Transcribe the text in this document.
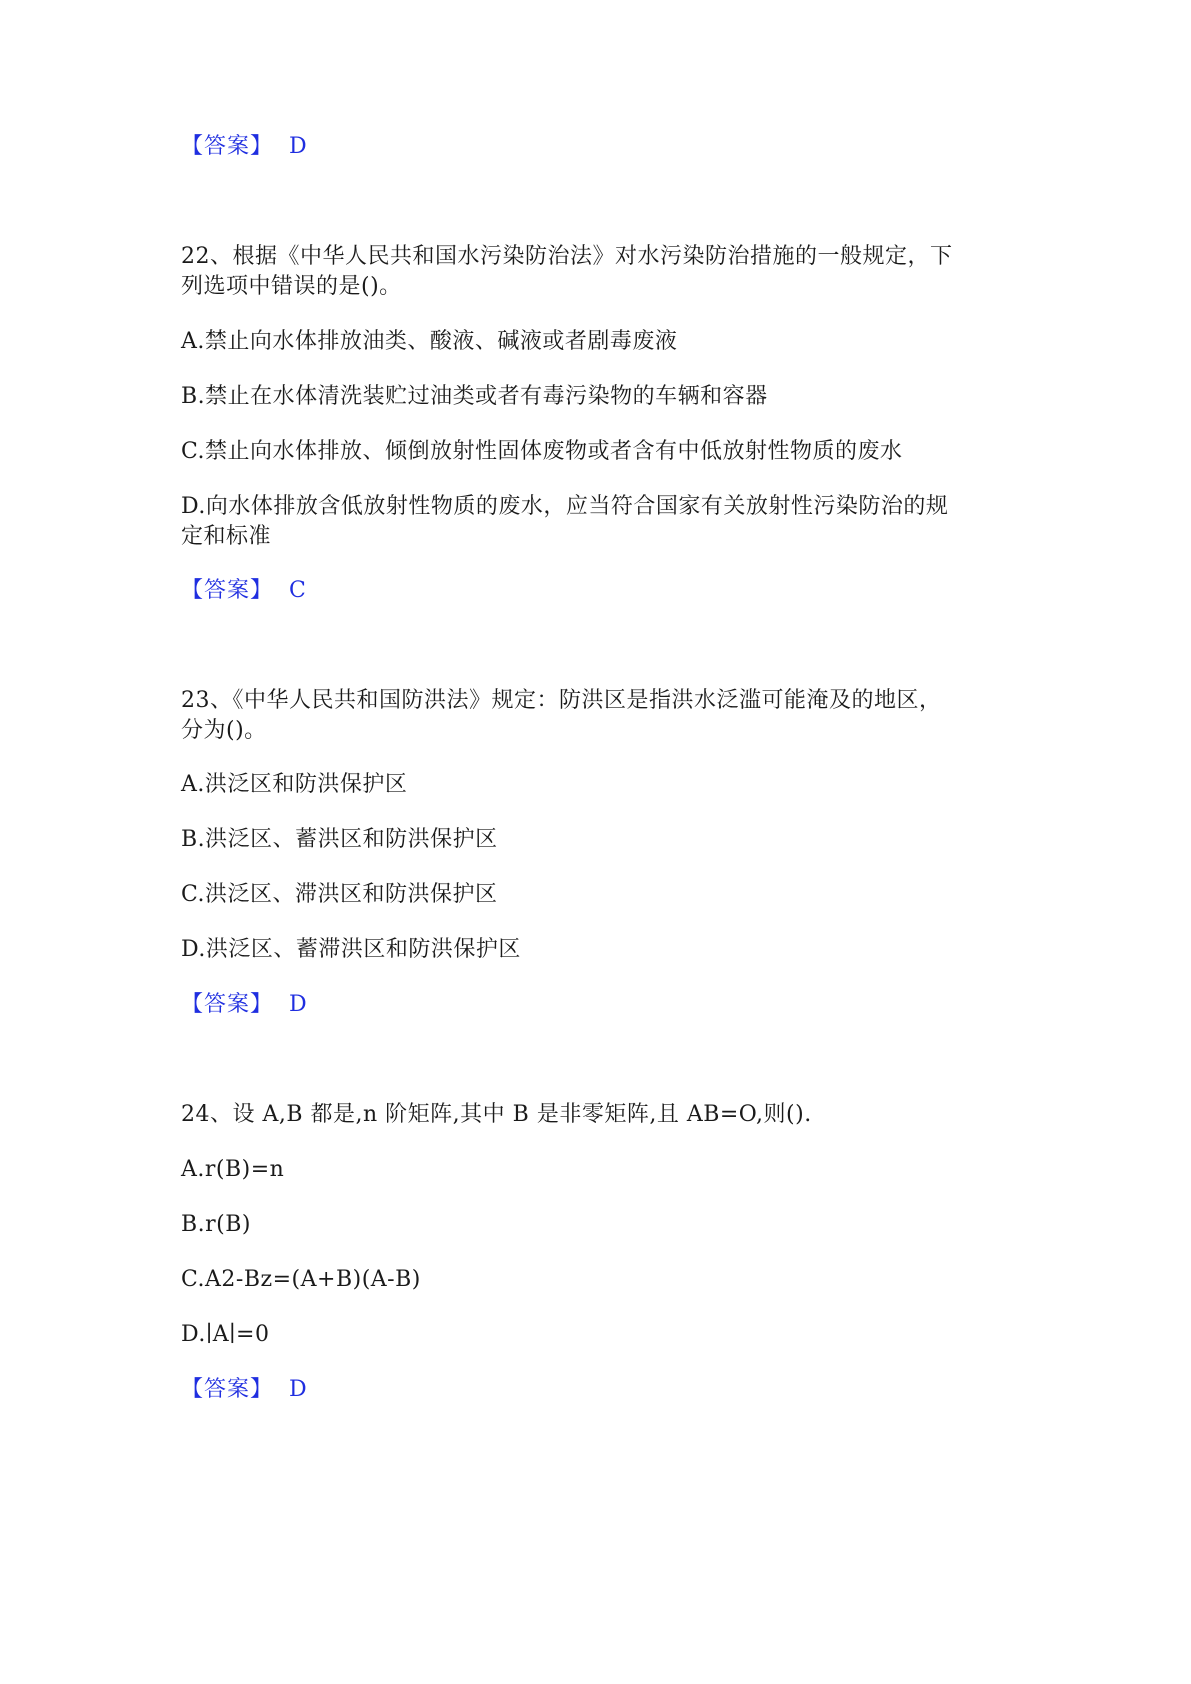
【答案】 D
22、根据《中华人民共和国水污染防治法》对水污染防治措施的一般规定，下
列选项中错误的是()。
A.禁止向水体排放油类、酸液、碱液或者剧毒废液
B.禁止在水体清洗装贮过油类或者有毒污染物的车辆和容器
C.禁止向水体排放、倾倒放射性固体废物或者含有中低放射性物质的废水
D.向水体排放含低放射性物质的废水，应当符合国家有关放射性污染防治的规
定和标准
【答案】 C
23、《中华人民共和国防洪法》规定：防洪区是指洪水泛滥可能淹及的地区，
分为()。
A.洪泛区和防洪保护区
B.洪泛区、蓄洪区和防洪保护区
C.洪泛区、滞洪区和防洪保护区
D.洪泛区、蓄滞洪区和防洪保护区
【答案】 D
24、设 A,B 都是,n 阶矩阵,其中 B 是非零矩阵,且 AB=O,则().
A.r(B)=n
B.r(B)
C.A2-Bz=(A+B)(A-B)
D.∣A∣=0
【答案】 D
